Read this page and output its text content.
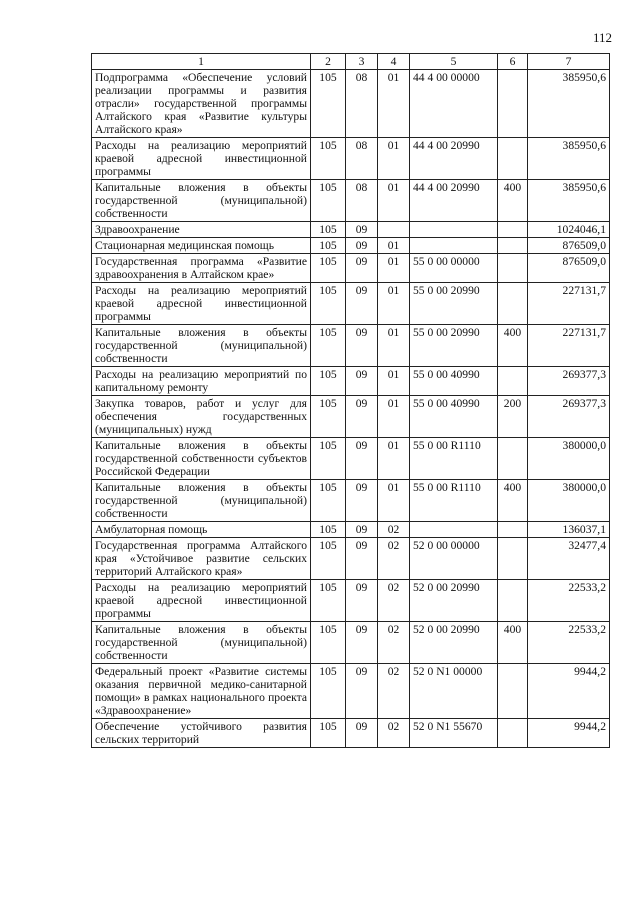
112
1	2	3	4	5	6	7
Подпрограмма «Обеспечение условий реализации программы и развития отрасли» государственной программы Алтайского края «Развитие культуры Алтайского края»	105	08	01	44 4 00 00000		385950,6
Расходы на реализацию мероприятий краевой адресной инвестиционной программы	105	08	01	44 4 00 20990		385950,6
Капитальные вложения в объекты государственной (муниципальной) собственности	105	08	01	44 4 00 20990	400	385950,6
Здравоохранение	105	09				1024046,1
Стационарная медицинская помощь	105	09	01			876509,0
Государственная программа «Развитие здравоохранения в Алтайском крае»	105	09	01	55 0 00 00000		876509,0
Расходы на реализацию мероприятий краевой адресной инвестиционной программы	105	09	01	55 0 00 20990		227131,7
Капитальные вложения в объекты государственной (муниципальной) собственности	105	09	01	55 0 00 20990	400	227131,7
Расходы на реализацию мероприятий по капитальному ремонту	105	09	01	55 0 00 40990		269377,3
Закупка товаров, работ и услуг для обеспечения государственных (муниципальных) нужд	105	09	01	55 0 00 40990	200	269377,3
Капитальные вложения в объекты государственной собственности субъектов Российской Федерации	105	09	01	55 0 00 R1110		380000,0
Капитальные вложения в объекты государственной (муниципальной) собственности	105	09	01	55 0 00 R1110	400	380000,0
Амбулаторная помощь	105	09	02			136037,1
Государственная программа Алтайского края «Устойчивое развитие сельских территорий Алтайского края»	105	09	02	52 0 00 00000		32477,4
Расходы на реализацию мероприятий краевой адресной инвестиционной программы	105	09	02	52 0 00 20990		22533,2
Капитальные вложения в объекты государственной (муниципальной) собственности	105	09	02	52 0 00 20990	400	22533,2
Федеральный проект «Развитие системы оказания первичной медико-санитарной помощи» в рамках национального проекта «Здравоохранение»	105	09	02	52 0 N1 00000		9944,2
Обеспечение устойчивого развития сельских территорий	105	09	02	52 0 N1 55670		9944,2
